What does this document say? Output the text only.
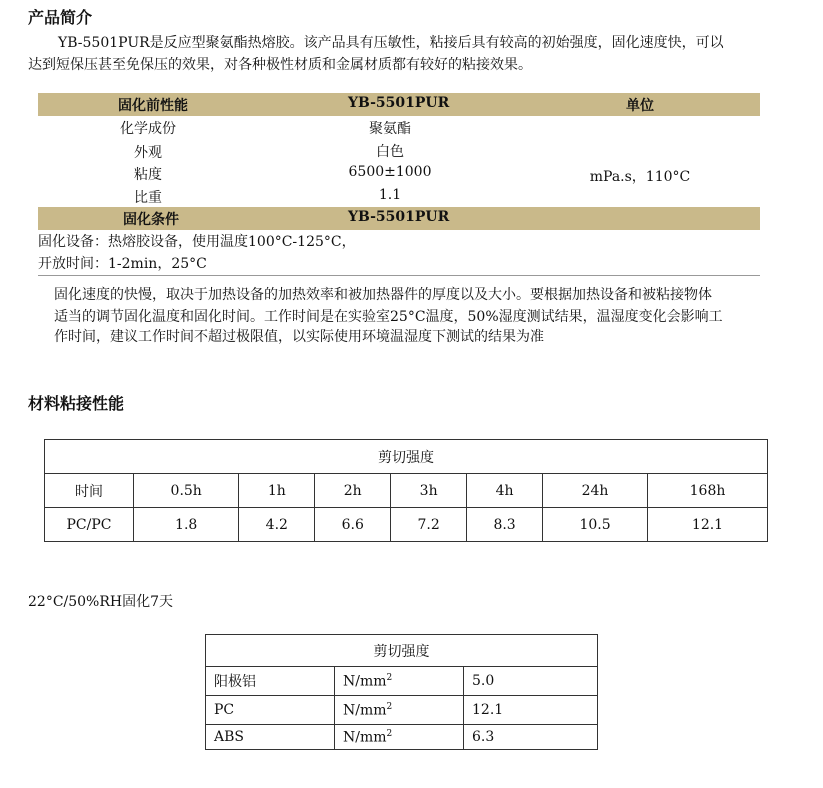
产品简介
YB-5501PUR是反应型聚氨酯热熔胶。该产品具有压敏性，粘接后具有较高的初始强度，固化速度快，可以
达到短保压甚至免保压的效果，对各种极性材质和金属材质都有较好的粘接效果。
固化前性能	YB-5501PUR	单位
化学成份	聚氨酯
外观	白色
粘度	6500±1000	mPa.s，110°C
比重	1.1
固化条件	YB-5501PUR
固化设备：热熔胶设备，使用温度100°C-125°C，
开放时间：1-2min，25°C
固化速度的快慢，取决于加热设备的加热效率和被加热器件的厚度以及大小。要根据加热设备和被粘接物体
适当的调节固化温度和固化时间。工作时间是在实验室25°C温度，50%湿度测试结果，温湿度变化会影响工
作时间，建议工作时间不超过极限值，以实际使用环境温湿度下测试的结果为准
材料粘接性能
剪切强度							
时间	0.5h	1h	2h	3h	4h	24h	168h
PC/PC	1.8	4.2	6.6	7.2	8.3	10.5	12.1
22°C/50%RH固化7天
剪切强度		
阳极铝	$N/mm^2$	5.0
PC	$N/mm^2$	12.1
ABS	$N/mm^2$	6.3
